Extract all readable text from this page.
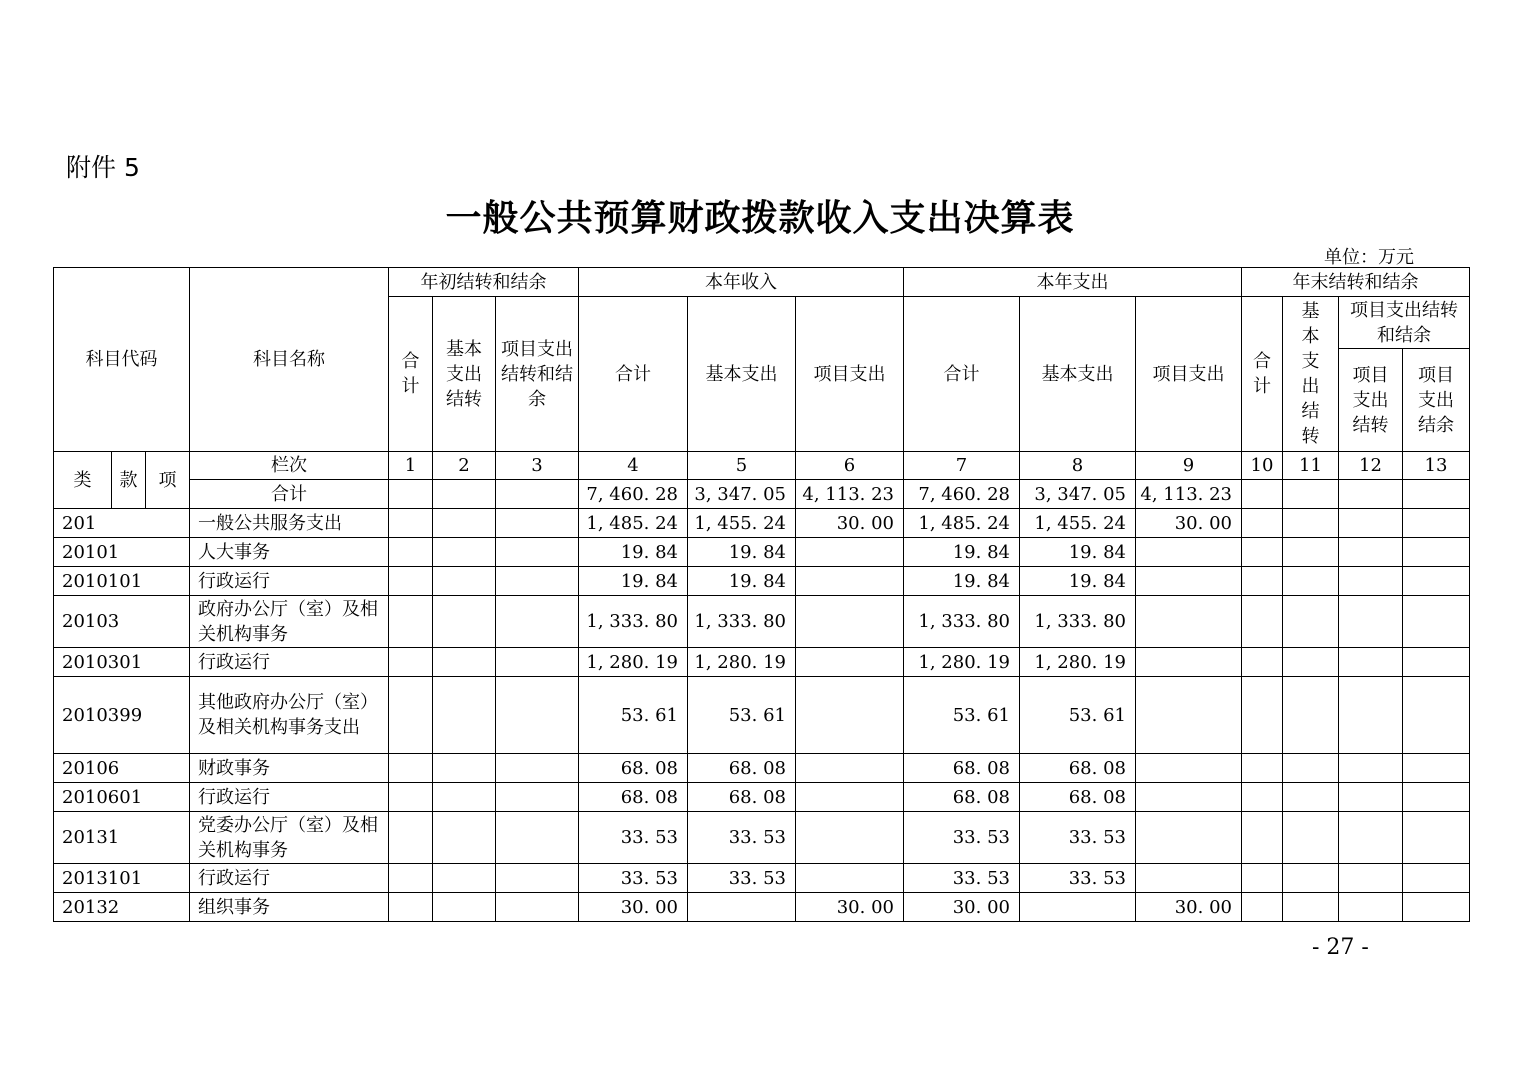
附件 5
一般公共预算财政拨款收入支出决算表
单位：万元
科目代码			科目名称	年初结转和结余			本年收入			本年支出			年末结转和结余			

				合计	基本支出结转	项目支出结转和结余	合计	基本支出	项目支出	合计	基本支出	项目支出	合计	基本支出结转	项目支出结转和结余	

															项目支出结转	项目支出结余

类	款	项	栏次	1	2	3	4	5	6	7	8	9	10	11	12	13
			合计				7, 460. 28	3, 347. 05	4, 113. 23	7, 460. 28	3, 347. 05	4, 113. 23				
201			一般公共服务支出				1, 485. 24	1, 455. 24	30. 00	1, 485. 24	1, 455. 24	30. 00				
20101			人大事务				19. 84	19. 84		19. 84	19. 84					
2010101			行政运行				19. 84	19. 84		19. 84	19. 84					
20103			政府办公厅（室）及相关机构事务				1, 333. 80	1, 333. 80		1, 333. 80	1, 333. 80					
2010301			行政运行				1, 280. 19	1, 280. 19		1, 280. 19	1, 280. 19					
2010399			其他政府办公厅（室）及相关机构事务支出				53. 61	53. 61		53. 61	53. 61					
20106			财政事务				68. 08	68. 08		68. 08	68. 08					
2010601			行政运行				68. 08	68. 08		68. 08	68. 08					
20131			党委办公厅（室）及相关机构事务				33. 53	33. 53		33. 53	33. 53					
2013101			行政运行				33. 53	33. 53		33. 53	33. 53					
20132			组织事务				30. 00		30. 00	30. 00		30. 00				
- 27 -
